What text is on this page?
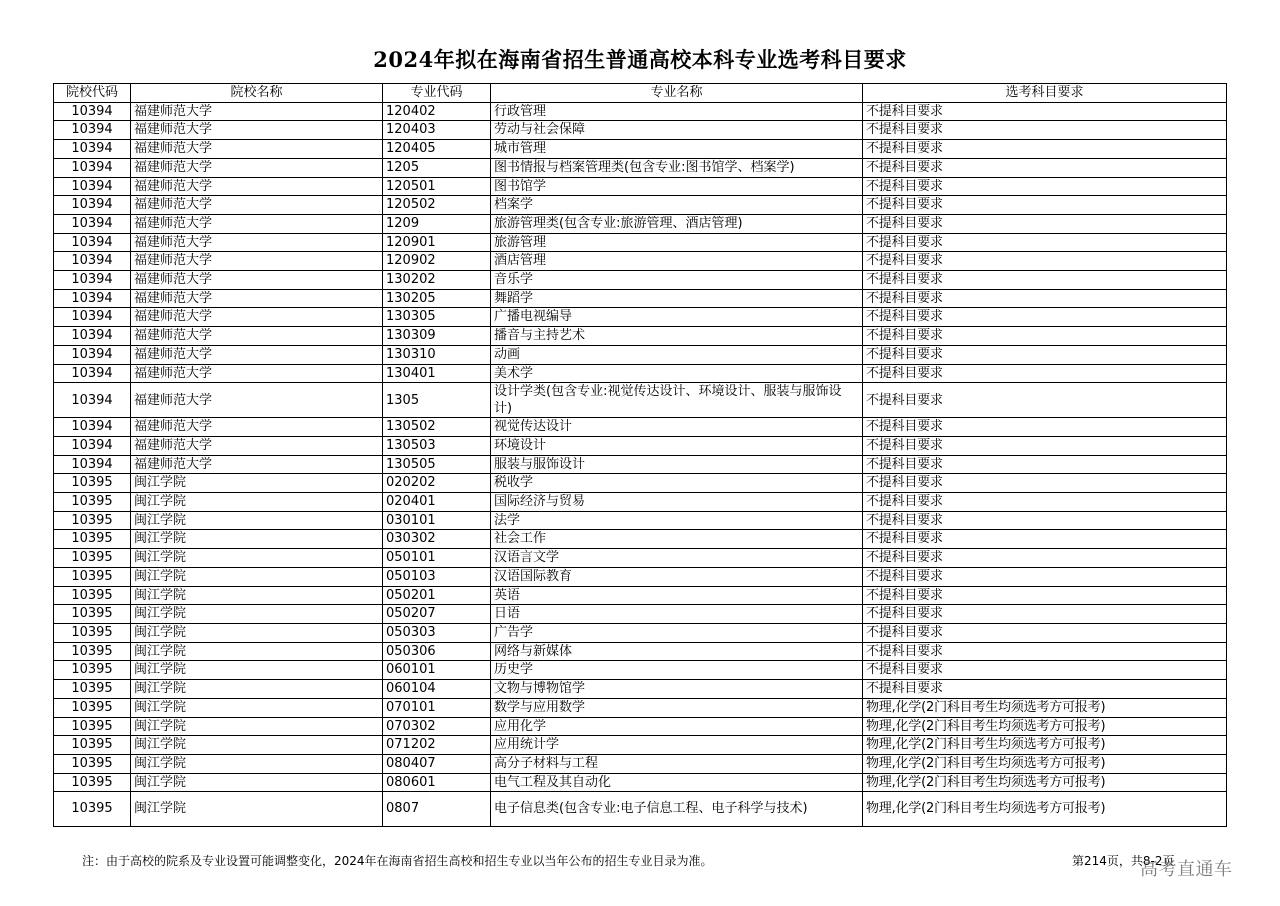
2024年拟在海南省招生普通高校本科专业选考科目要求
院校代码	院校名称	专业代码	专业名称	选考科目要求
10394	福建师范大学	120402	行政管理	不提科目要求
10394	福建师范大学	120403	劳动与社会保障	不提科目要求
10394	福建师范大学	120405	城市管理	不提科目要求
10394	福建师范大学	1205	图书情报与档案管理类(包含专业:图书馆学、档案学)	不提科目要求
10394	福建师范大学	120501	图书馆学	不提科目要求
10394	福建师范大学	120502	档案学	不提科目要求
10394	福建师范大学	1209	旅游管理类(包含专业:旅游管理、酒店管理)	不提科目要求
10394	福建师范大学	120901	旅游管理	不提科目要求
10394	福建师范大学	120902	酒店管理	不提科目要求
10394	福建师范大学	130202	音乐学	不提科目要求
10394	福建师范大学	130205	舞蹈学	不提科目要求
10394	福建师范大学	130305	广播电视编导	不提科目要求
10394	福建师范大学	130309	播音与主持艺术	不提科目要求
10394	福建师范大学	130310	动画	不提科目要求
10394	福建师范大学	130401	美术学	不提科目要求
10394	福建师范大学	1305	设计学类(包含专业:视觉传达设计、环境设计、服装与服饰设计)	不提科目要求
10394	福建师范大学	130502	视觉传达设计	不提科目要求
10394	福建师范大学	130503	环境设计	不提科目要求
10394	福建师范大学	130505	服装与服饰设计	不提科目要求
10395	闽江学院	020202	税收学	不提科目要求
10395	闽江学院	020401	国际经济与贸易	不提科目要求
10395	闽江学院	030101	法学	不提科目要求
10395	闽江学院	030302	社会工作	不提科目要求
10395	闽江学院	050101	汉语言文学	不提科目要求
10395	闽江学院	050103	汉语国际教育	不提科目要求
10395	闽江学院	050201	英语	不提科目要求
10395	闽江学院	050207	日语	不提科目要求
10395	闽江学院	050303	广告学	不提科目要求
10395	闽江学院	050306	网络与新媒体	不提科目要求
10395	闽江学院	060101	历史学	不提科目要求
10395	闽江学院	060104	文物与博物馆学	不提科目要求
10395	闽江学院	070101	数学与应用数学	物理,化学(2门科目考生均须选考方可报考)
10395	闽江学院	070302	应用化学	物理,化学(2门科目考生均须选考方可报考)
10395	闽江学院	071202	应用统计学	物理,化学(2门科目考生均须选考方可报考)
10395	闽江学院	080407	高分子材料与工程	物理,化学(2门科目考生均须选考方可报考)
10395	闽江学院	080601	电气工程及其自动化	物理,化学(2门科目考生均须选考方可报考)
10395	闽江学院	0807	电子信息类(包含专业:电子信息工程、电子科学与技术)	物理,化学(2门科目考生均须选考方可报考)
注：由于高校的院系及专业设置可能调整变化，2024年在海南省招生高校和招生专业以当年公布的招生专业目录为准。	第214页，共8-2页
高考直通车
